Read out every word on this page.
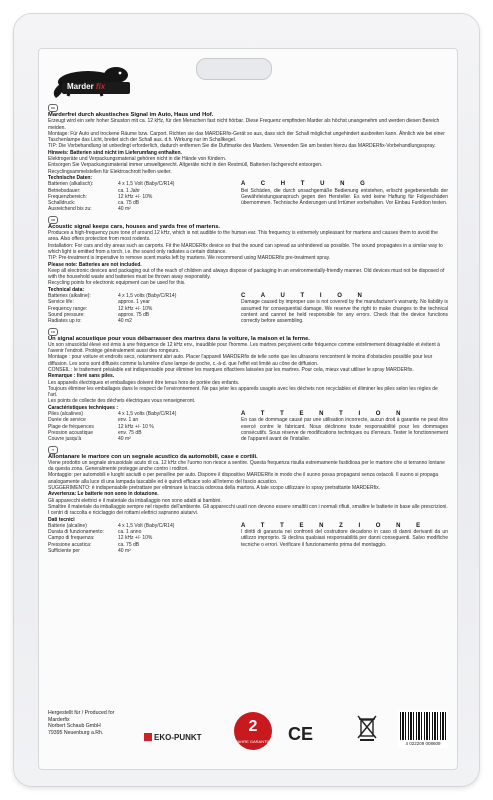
Marder fix
DE
Marderfrei durch akustisches Signal im Auto, Haus und Hof.

Erzeugt wird ein sehr hoher Sinuston mit ca. 12 kHz, für den Menschen fast nicht hörbar. Diese Frequenz empfinden Marder als höchst unangenehm und werden diesen Bereich meiden.

Montage: Für Auto und trockene Räume bzw. Carport. Richten sie das MARDERfix-Gerät so aus, dass sich der Schall möglichst ungehindert ausbreiten kann. Ähnlich wie bei einer Taschenlampe das Licht, breitet sich der Schall aus. d.h. Wirkung nur im Schallkegel.

TIP: Die Vorbehandlung ist unbedingt erforderlich, dadurch entfernen Sie die Duftmarke des Marders. Verwenden Sie am besten hierzu das MARDERfix-Vorbehandlungsspray.

Hinweis: Batterien sind nicht im Lieferumfang enthalten.

Elektrogeräte und Verpackungsmaterial gehören nicht in die Hände von Kindern.

Entsorgen Sie Verpackungsmaterial immer umweltgerecht. Altgeräte nicht in den Restmüll, Batterien fachgerecht entsorgen.

Recyclingsammelstellen für Elektroschrott helfen weiter.

Technische Daten:
Batterien (alkalisch):	4 x 1,5 Volt (Baby/C/R14)
Betriebsdauer:	ca. 1 Jahr
Frequenzbereich:	12 kHz +/- 10%
Schalldruck:	ca. 75 dB
Ausreichend bis zu:	40 m²
A C H T U N G
Bei Schäden, die durch unsachgemäße Bedienung entstehen, erlischt gegebenenfalls der Gewährleistungsanspruch gegen den Hersteller. Es wird keine Haftung für Folgeschäden übernommen. Technische Änderungen und Irrtümer vorbehalten. Vor Einbau Funktion testen.
GB
Acoustic signal keeps cars, houses and yards free of martens.

Produces a high-frequency pure tone of around 12 kHz, which is not audible to the human ear. This frequency is extremely unpleasant for martens and causes them to avoid the area. Also offers protection from most rodents.

Installation: For cars and dry areas such as carports. Fit the MARDERfix device so that the sound can spread as unhindered as possible. The sound propagates in a similar way to which light is emitted from a torch, i.e. the sound only radiates a certain distance.

TIP: Pre-treatment is imperative to remove scent marks left by martens. We recommend using MARDERfix pre-treatment spray.

Please note: Batteries are not included.

Keep all electronic devices and packaging out of the reach of children and always dispose of packaging in an environmentally-friendly manner. Old devices must not be disposed of with the household waste and batteries must be thrown away responsibly.

Recycling points for electronic equipment can be used for this.

Technical data:
Batteries (alkaline):	4 x 1,5 volts (Baby/C/R14)
Service life:	approx. 1 year
Frequency range:	12 kHz +/- 10%
Sound pressure:	approx. 75 dB
Radiates up to:	40 m2
C A U T I O N
Damage caused by improper use is not covered by the manufacturer's warranty. No liability is assumed for consequential damage. We reserve the right to make changes to the technical content and cannot be held responsible for any errors. Check that the device functions correctly before assembling.
FR
Un signal acoustique pour vous débarrasser des martres dans la voiture, la maison et la ferme.

Un son sinusoïdal élevé est émis à une fréquence de 12 kHz env., inaudible pour l'homme. Les martres perçoivent cette fréquence comme extrêmement désagréable et évitent à l'avenir l'endroit. Protège généralement aussi des rongeurs.

Montage : pour voiture et endroits secs, notamment abri auto. Placer l'appareil MARDERfix de telle sorte que les ultrasons rencontrent le moins d'obstacles possible pour leur diffusion. Les sons sont diffusés comme la lumière d'une lampe de poche, c.-à-d. que l'effet est limité au cône de diffusion.

CONSEIL : le traitement préalable est indispensable pour éliminer les marques olfactives laissées par les martres. Pour cela, mieux vaut utiliser le spray MARDERfix.

Remarque : livré sans piles.

Les appareils électriques et emballages doivent être tenus hors de portée des enfants.

Toujours éliminer les emballages dans le respect de l'environnement. Ne pas jeter les appareils usagés avec les déchets non recyclables et éliminer les piles selon les règles de l'art.

Les points de collecte des déchets électriques vous renseigneront.

Caractéristiques techniques :
Piles (alcalines)	4 x 1,5 volts (Baby/C/R14)
Durée de service	env. 1 an
Plage de fréquences	12 kHz +/- 10 %
Pression acoustique	env. 75 dB
Couvre jusqu'à	40 m²
A T T E N T I O N
En cas de dommage causé par une utilisation incorrecte, aucun droit à garantie ne peut être exercé contre le fabricant. Nous déclinons toute responsabilité pour les dommages consécutifs. Sous réserve de modifications techniques ou d'erreurs. Tester le fonctionnement de l'appareil avant de l'installer.
IT
Allontanare le martore con un segnale acustico da automobili, case e cortili.

Viene prodotto un segnale sinusoidale acuto di ca. 12 kHz che l'uomo non riesce a sentire. Questa frequenza risulta estremamente fastidiosa per le martore che si terranno lontane da questa zona. Generalmente protegge anche contro i roditori.

Montaggio: per automobili e luoghi asciutti o per pensiline per auto. Disporre il dispositivo MARDERfix in modo che il suono possa propagarsi senza ostacoli. Il suono si propaga analogamente alla luce di una lampada tascabile ed è quindi efficace solo all'interno del fascio acustico.

SUGGERIMENTO: è indispensabile pretrattare per eliminare la traccia odorosa della martora. A tale scopo utilizzare lo spray pretrattante MARDERfix.

Avvertenza: Le batterie non sono in dotazione.

Gli apparecchi elettrici e il materiale da imballaggio non sono adatti ai bambini.

Smaltire il materiale da imballaggio sempre nel rispetto dell'ambiente. Gli apparecchi usati non devono essere smaltiti con i normali rifiuti, smaltire le batterie in base alle prescrizioni.

I centri di raccolta e riciclaggio dei rottami elettrici sapranno aiutarvi.

Dati tecnici
Batterie (alcaline)	4 x 1,5 Volt (Baby/C/R14)
Durata di funzionamento:	ca. 1 anno
Campo di frequenza:	12 kHz +/- 10%
Pressione acustica:	ca. 75 dB
Sufficiente per	40 m²
A T T E N Z I O N E
I diritti di garanzia nei confronti del costruttore decadono in caso di danni derivanti da un utilizzo improprio. Si declina qualsiasi responsabilità per danni conseguenti. Salvo modifiche tecniche o errori. Verificare il funzionamento prima del montaggio.
Hergestellt für / Produced for
Marderfix
Norbert Schaub GmbH
79395 Neuenburg a.Rh.
EKO-PUNKT
2
JAHRE GARANTIE CE	4 022209 008609
